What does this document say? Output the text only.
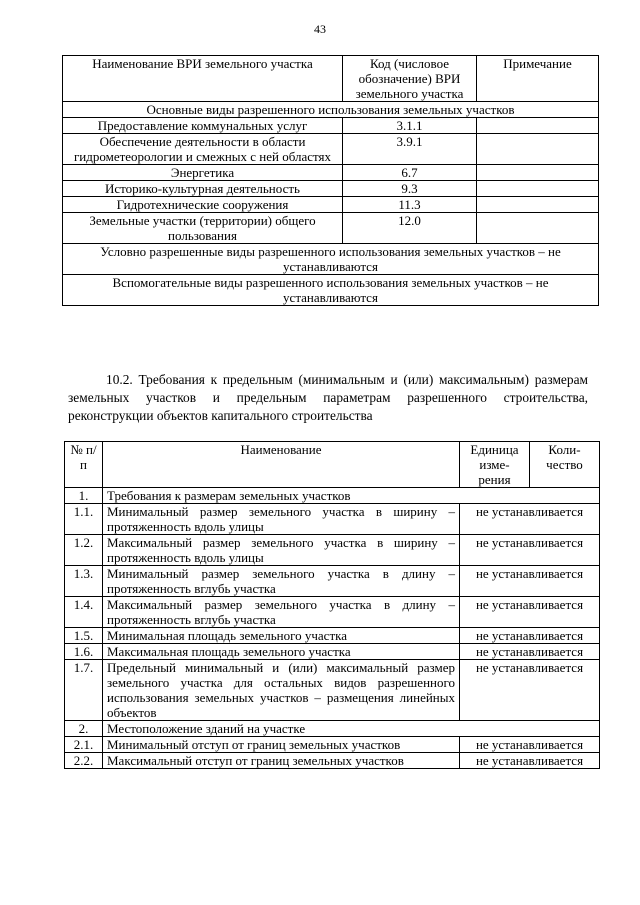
43
Наименование ВРИ земельного участка	Код (числовое обозначение) ВРИ земельного участка	Примечание
Основные виды разрешенного использования земельных участков		
Предоставление коммунальных услуг	3.1.1	
Обеспечение деятельности в области гидрометеорологии и смежных с ней областях	3.9.1	
Энергетика	6.7	
Историко-культурная деятельность	9.3	
Гидротехнические сооружения	11.3	
Земельные участки (территории) общего пользования	12.0	
Условно разрешенные виды разрешенного использования земельных участков – не устанавливаются		
Вспомогательные виды разрешенного использования земельных участков – не устанавливаются		

10.2. Требования к предельным (минимальным и (или) максимальным) размерам земельных участков и предельным параметрам разрешенного строительства, реконструкции объектов капитального строительства

№ п/п	Наименование	Единица изме-рения	Коли-чество
1.	Требования к размерам земельных участков		
1.1.	Минимальный размер земельного участка в ширину – протяженность вдоль улицы	не устанавливается	
1.2.	Максимальный размер земельного участка в ширину – протяженность вдоль улицы	не устанавливается	
1.3.	Минимальный размер земельного участка в длину – протяженность вглубь участка	не устанавливается	
1.4.	Максимальный размер земельного участка в длину – протяженность вглубь участка	не устанавливается	
1.5.	Минимальная площадь земельного участка	не устанавливается	
1.6.	Максимальная площадь земельного участка	не устанавливается	
1.7.	Предельный минимальный и (или) максимальный размер земельного участка для остальных видов разрешенного использования земельных участков – размещения линейных объектов	не устанавливается	
2.	Местоположение зданий на участке		
2.1.	Минимальный отступ от границ земельных участков	не устанавливается	
2.2.	Максимальный отступ от границ земельных участков	не устанавливается	
